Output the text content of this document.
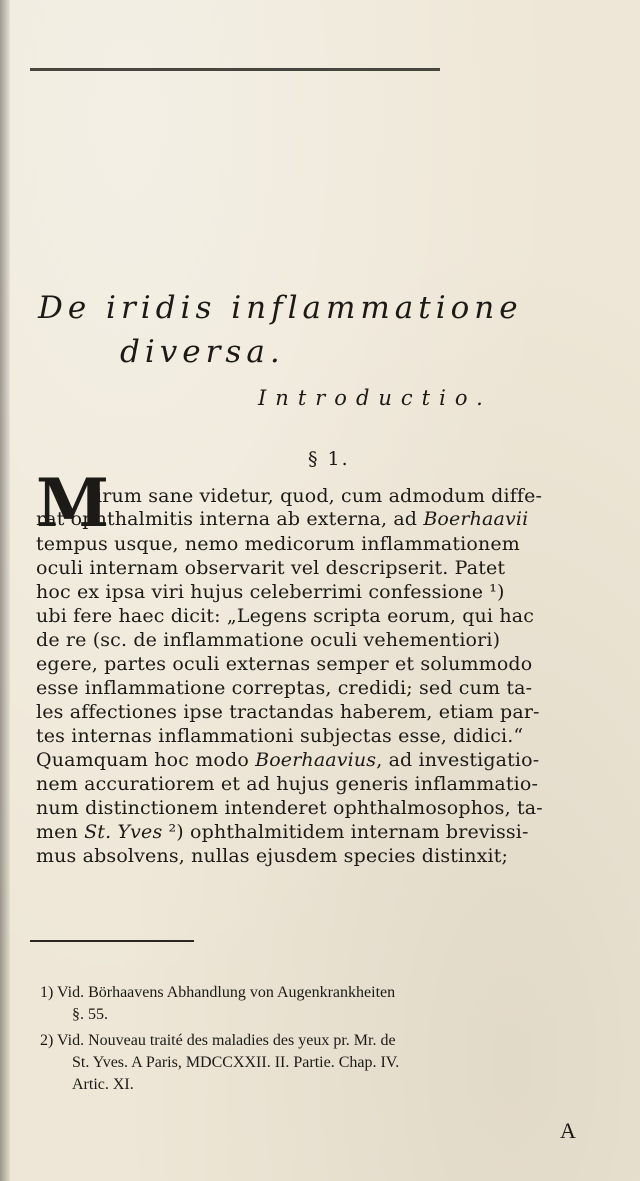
De iridis inflammatione
diversa.
Introductio.
§ 1.
M
irum sane videtur, quod, cum admodum diffe-
rat ophthalmitis interna ab externa, ad Boerhaavii
tempus usque, nemo medicorum inflammationem
oculi internam observarit vel descripserit. Patet
hoc ex ipsa viri hujus celeberrimi confessione ¹)
ubi fere haec dicit: „Legens scripta eorum, qui hac
de re (sc. de inflammatione oculi vehementiori)
egere, partes oculi externas semper et solummodo
esse inflammatione correptas, credidi; sed cum ta-
les affectiones ipse tractandas haberem, etiam par-
tes internas inflammationi subjectas esse, didici.“
Quamquam hoc modo Boerhaavius, ad investigatio-
nem accuratiorem et ad hujus generis inflammatio-
num distinctionem intenderet ophthalmosophos, ta-
men St. Yves ²) ophthalmitidem internam brevissi-
mus absolvens, nullas ejusdem species distinxit;
1) Vid. Börhaavens Abhandlung von Augenkrankheiten
§. 55.
2) Vid. Nouveau traité des maladies des yeux pr. Mr. de
St. Yves. A Paris, MDCCXXII. II. Partie. Chap. IV.
Artic. XI.
A
